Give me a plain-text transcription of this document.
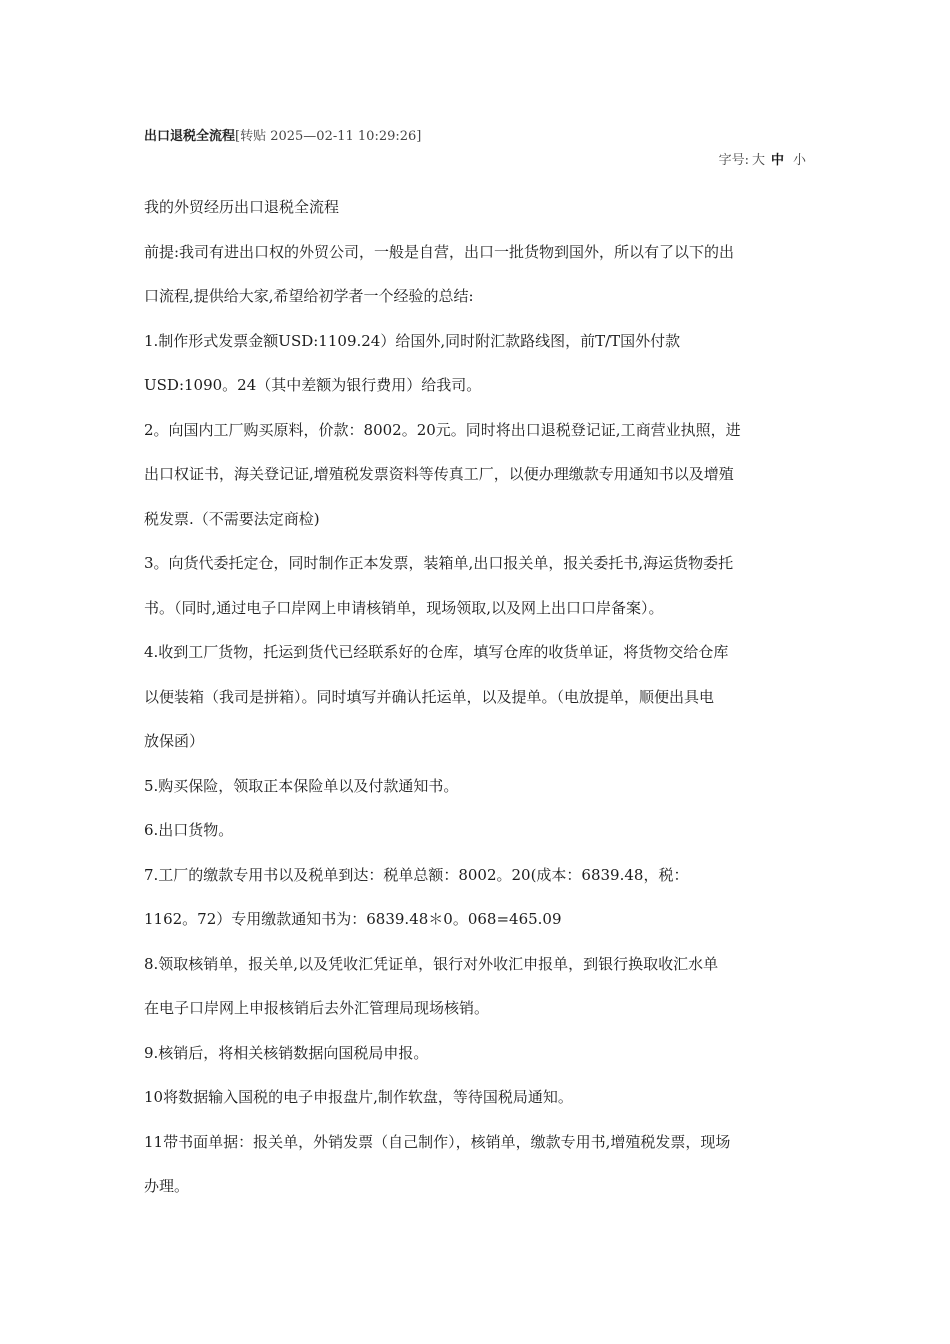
出口退税全流程[转贴 2025—02-11 10:29:26]
字号: 大 中 小

我的外贸经历出口退税全流程

前提:我司有进出口权的外贸公司，一般是自营，出口一批货物到国外，所以有了以下的出

口流程,提供给大家,希望给初学者一个经验的总结:

1.制作形式发票金额USD:1109.24）给国外,同时附汇款路线图，前T/T国外付款

USD:1090。24（其中差额为银行费用）给我司。

2。向国内工厂购买原料，价款：8002。20元。同时将出口退税登记证,工商营业执照，进

出口权证书，海关登记证,增殖税发票资料等传真工厂，以便办理缴款专用通知书以及增殖

税发票.（不需要法定商检)

3。向货代委托定仓，同时制作正本发票，装箱单,出口报关单，报关委托书,海运货物委托

书。（同时,通过电子口岸网上申请核销单，现场领取,以及网上出口口岸备案）。

4.收到工厂货物，托运到货代已经联系好的仓库，填写仓库的收货单证，将货物交给仓库

以便装箱（我司是拼箱）。同时填写并确认托运单，以及提单。（电放提单，顺便出具电

放保函）

5.购买保险，领取正本保险单以及付款通知书。

6.出口货物。

7.工厂的缴款专用书以及税单到达：税单总额：8002。20(成本：6839.48，税：

1162。72）专用缴款通知书为：6839.48＊0。068=465.09

8.领取核销单，报关单,以及凭收汇凭证单，银行对外收汇申报单，到银行换取收汇水单

在电子口岸网上申报核销后去外汇管理局现场核销。

9.核销后，将相关核销数据向国税局申报。

10将数据输入国税的电子申报盘片,制作软盘，等待国税局通知。

11带书面单据：报关单，外销发票（自己制作），核销单，缴款专用书,增殖税发票，现场

办理。
